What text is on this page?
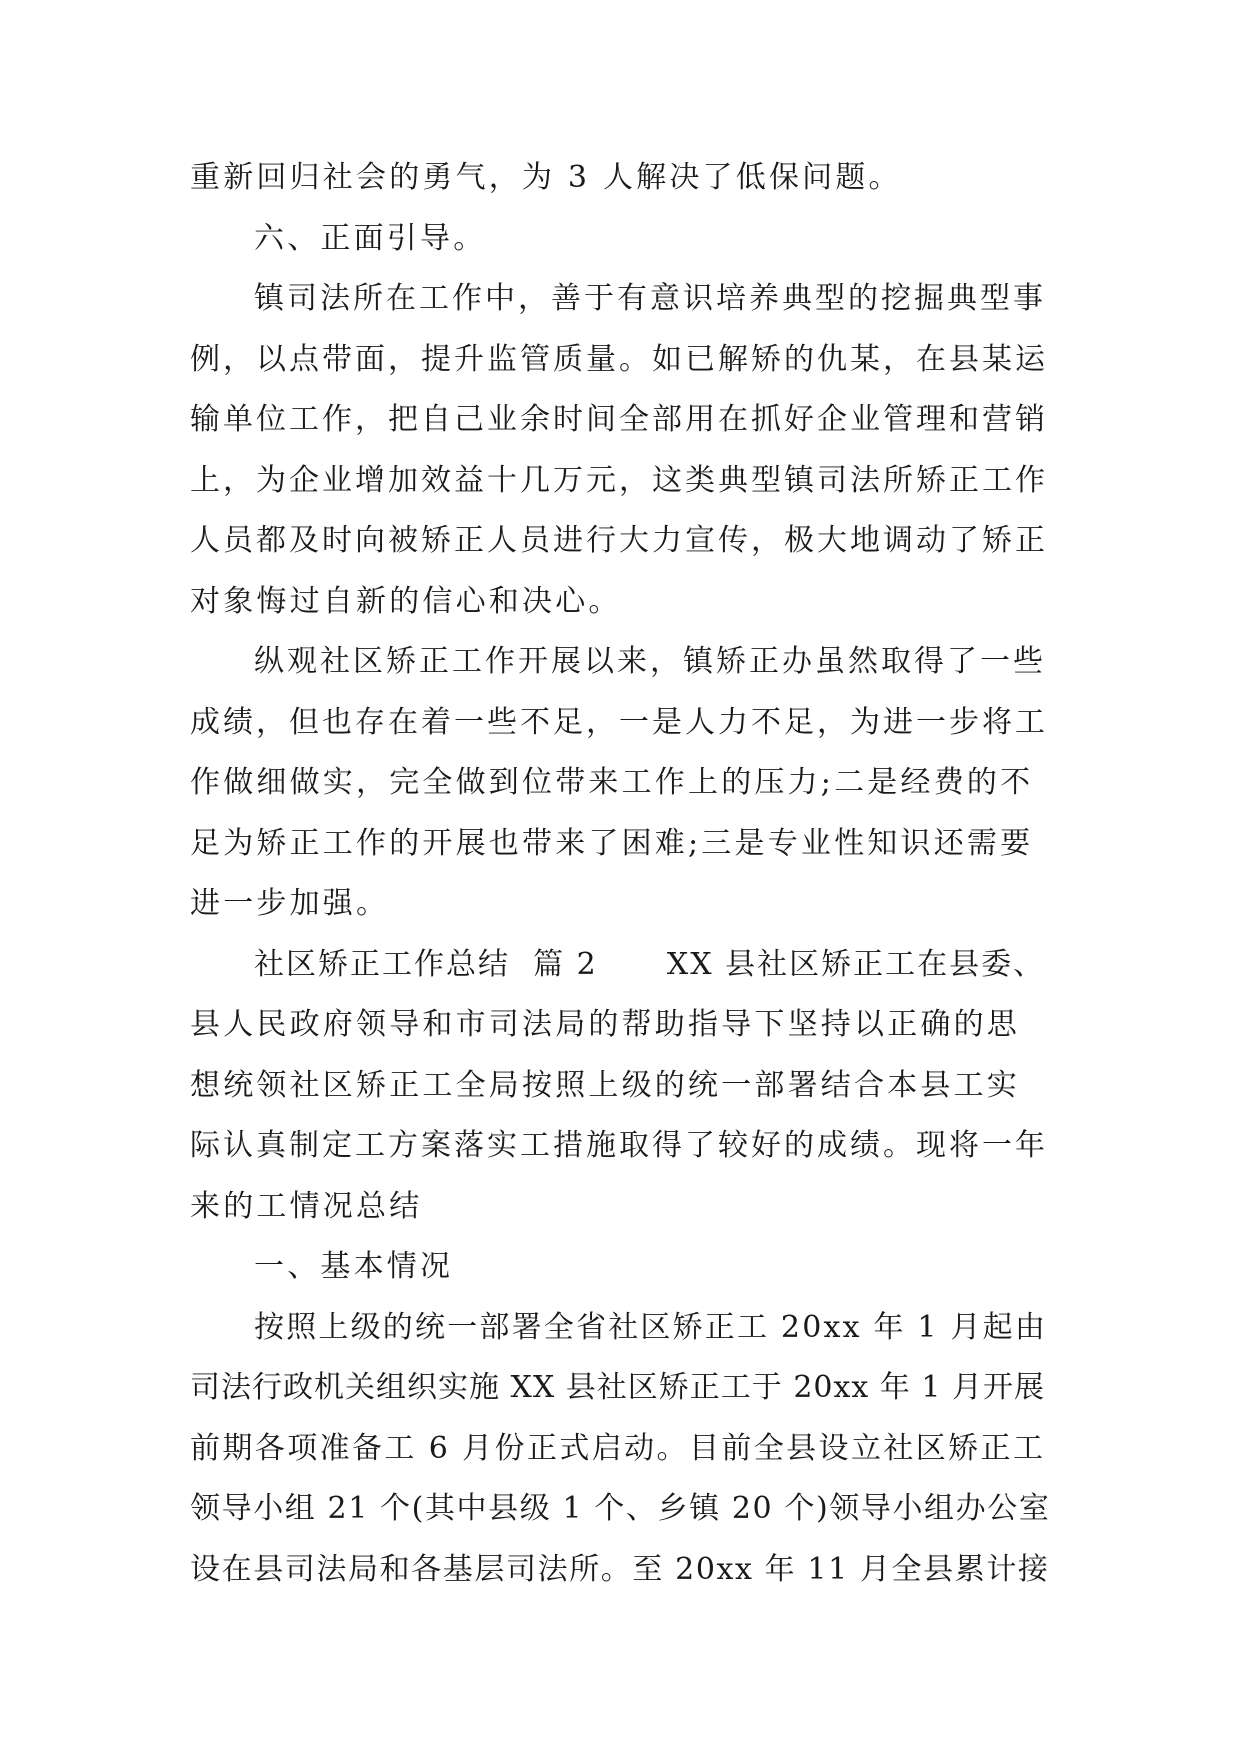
重新回归社会的勇气，为 3 人解决了低保问题。
六、正面引导。
镇司法所在工作中，善于有意识培养典型的挖掘典型事
例，以点带面，提升监管质量。如已解矫的仇某，在县某运
输单位工作，把自己业余时间全部用在抓好企业管理和营销
上，为企业增加效益十几万元，这类典型镇司法所矫正工作
人员都及时向被矫正人员进行大力宣传，极大地调动了矫正
对象悔过自新的信心和决心。
纵观社区矫正工作开展以来，镇矫正办虽然取得了一些
成绩，但也存在着一些不足，一是人力不足，为进一步将工
作做细做实，完全做到位带来工作上的压力;二是经费的不
足为矫正工作的开展也带来了困难;三是专业性知识还需要
进一步加强。
社区矫正工作总结  篇 2      XX 县社区矫正工在县委、
县人民政府领导和市司法局的帮助指导下坚持以正确的思
想统领社区矫正工全局按照上级的统一部署结合本县工实
际认真制定工方案落实工措施取得了较好的成绩。现将一年
来的工情况总结
一、基本情况
按照上级的统一部署全省社区矫正工 20xx 年 1 月起由
司法行政机关组织实施 XX 县社区矫正工于 20xx 年 1 月开展
前期各项准备工 6 月份正式启动。目前全县设立社区矫正工
领导小组 21 个(其中县级 1 个、乡镇 20 个)领导小组办公室
设在县司法局和各基层司法所。至 20xx 年 11 月全县累计接
